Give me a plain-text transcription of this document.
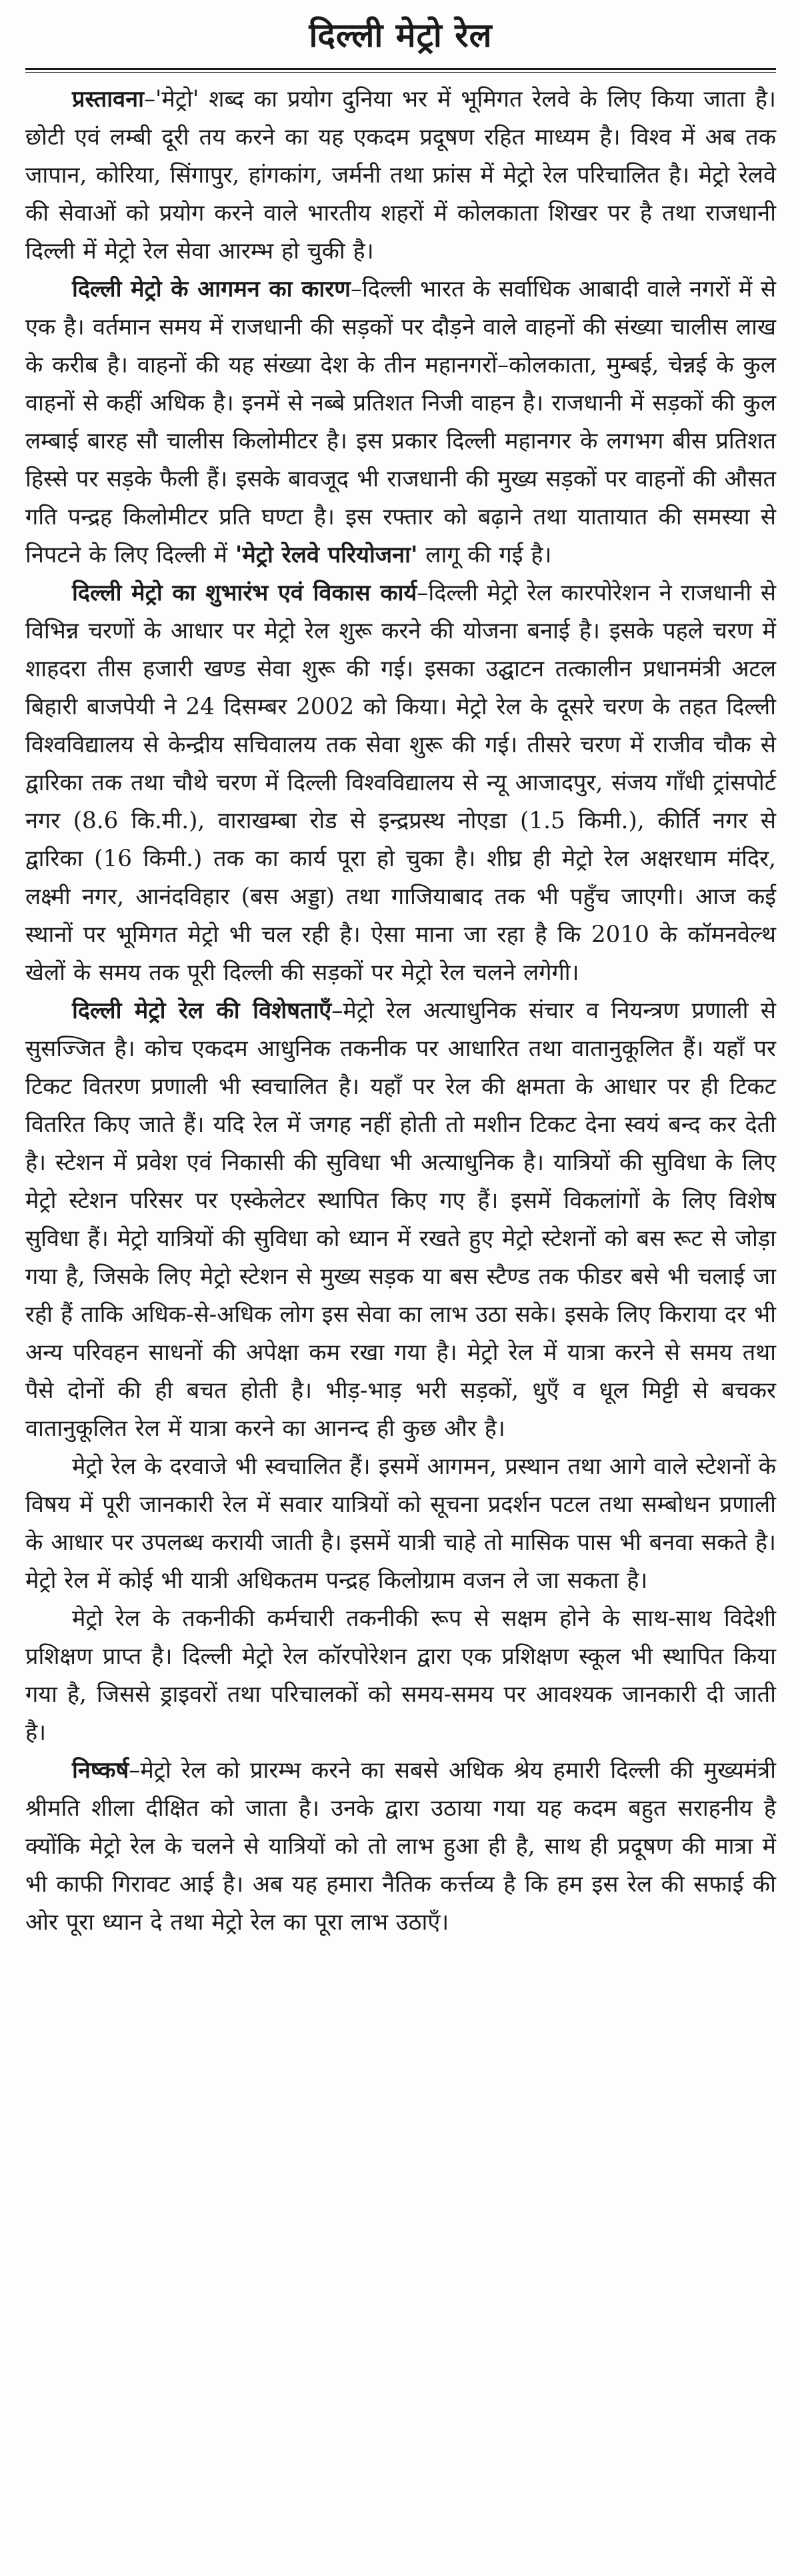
दिल्ली मेट्रो रेल

प्रस्तावना–'मेट्रो' शब्द का प्रयोग दुनिया भर में भूमिगत रेलवे के लिए किया जाता है। छोटी एवं लम्बी दूरी तय करने का यह एकदम प्रदूषण रहित माध्यम है। विश्व में अब तक जापान, कोरिया, सिंगापुर, हांगकांग, जर्मनी तथा फ्रांस में मेट्रो रेल परिचालित है। मेट्रो रेलवे की सेवाओं को प्रयोग करने वाले भारतीय शहरों में कोलकाता शिखर पर है तथा राजधानी दिल्ली में मेट्रो रेल सेवा आरम्भ हो चुकी है।

दिल्ली मेट्रो के आगमन का कारण–दिल्ली भारत के सर्वाधिक आबादी वाले नगरों में से एक है। वर्तमान समय में राजधानी की सड़कों पर दौड़ने वाले वाहनों की संख्या चालीस लाख के करीब है। वाहनों की यह संख्या देश के तीन महानगरों–कोलकाता, मुम्बई, चेन्नई के कुल वाहनों से कहीं अधिक है। इनमें से नब्बे प्रतिशत निजी वाहन है। राजधानी में सड़कों की कुल लम्बाई बारह सौ चालीस किलोमीटर है। इस प्रकार दिल्ली महानगर के लगभग बीस प्रतिशत हिस्से पर सड़के फैली हैं। इसके बावजूद भी राजधानी की मुख्य सड़कों पर वाहनों की औसत गति पन्द्रह किलोमीटर प्रति घण्टा है। इस रफ्तार को बढ़ाने तथा यातायात की समस्या से निपटने के लिए दिल्ली में 'मेट्रो रेलवे परियोजना' लागू की गई है।

दिल्ली मेट्रो का शुभारंभ एवं विकास कार्य–दिल्ली मेट्रो रेल कारपोरेशन ने राजधानी से विभिन्न चरणों के आधार पर मेट्रो रेल शुरू करने की योजना बनाई है। इसके पहले चरण में शाहदरा तीस हजारी खण्ड सेवा शुरू की गई। इसका उद्घाटन तत्कालीन प्रधानमंत्री अटल बिहारी बाजपेयी ने 24 दिसम्बर 2002 को किया। मेट्रो रेल के दूसरे चरण के तहत दिल्ली विश्वविद्यालय से केन्द्रीय सचिवालय तक सेवा शुरू की गई। तीसरे चरण में राजीव चौक से द्वारिका तक तथा चौथे चरण में दिल्ली विश्वविद्यालय से न्यू आजादपुर, संजय गाँधी ट्रांसपोर्ट नगर (8.6 कि.मी.), वाराखम्बा रोड से इन्द्रप्रस्थ नोएडा (1.5 किमी.), कीर्ति नगर से द्वारिका (16 किमी.) तक का कार्य पूरा हो चुका है। शीघ्र ही मेट्रो रेल अक्षरधाम मंदिर, लक्ष्मी नगर, आनंदविहार (बस अड्डा) तथा गाजियाबाद तक भी पहुँच जाएगी। आज कई स्थानों पर भूमिगत मेट्रो भी चल रही है। ऐसा माना जा रहा है कि 2010 के कॉमनवेल्थ खेलों के समय तक पूरी दिल्ली की सड़कों पर मेट्रो रेल चलने लगेगी।

दिल्ली मेट्रो रेल की विशेषताएँ–मेट्रो रेल अत्याधुनिक संचार व नियन्त्रण प्रणाली से सुसज्जित है। कोच एकदम आधुनिक तकनीक पर आधारित तथा वातानुकूलित हैं। यहाँ पर टिकट वितरण प्रणाली भी स्वचालित है। यहाँ पर रेल की क्षमता के आधार पर ही टिकट वितरित किए जाते हैं। यदि रेल में जगह नहीं होती तो मशीन टिकट देना स्वयं बन्द कर देती है। स्टेशन में प्रवेश एवं निकासी की सुविधा भी अत्याधुनिक है। यात्रियों की सुविधा के लिए मेट्रो स्टेशन परिसर पर एस्केलेटर स्थापित किए गए हैं। इसमें विकलांगों के लिए विशेष सुविधा हैं। मेट्रो यात्रियों की सुविधा को ध्यान में रखते हुए मेट्रो स्टेशनों को बस रूट से जोड़ा गया है, जिसके लिए मेट्रो स्टेशन से मुख्य सड़क या बस स्टैण्ड तक फीडर बसे भी चलाई जा रही हैं ताकि अधिक-से-अधिक लोग इस सेवा का लाभ उठा सके। इसके लिए किराया दर भी अन्य परिवहन साधनों की अपेक्षा कम रखा गया है। मेट्रो रेल में यात्रा करने से समय तथा पैसे दोनों की ही बचत होती है। भीड़-भाड़ भरी सड़कों, धुएँ व धूल मिट्टी से बचकर वातानुकूलित रेल में यात्रा करने का आनन्द ही कुछ और है।

मेट्रो रेल के दरवाजे भी स्वचालित हैं। इसमें आगमन, प्रस्थान तथा आगे वाले स्टेशनों के विषय में पूरी जानकारी रेल में सवार यात्रियों को सूचना प्रदर्शन पटल तथा सम्बोधन प्रणाली के आधार पर उपलब्ध करायी जाती है। इसमें यात्री चाहे तो मासिक पास भी बनवा सकते है। मेट्रो रेल में कोई भी यात्री अधिकतम पन्द्रह किलोग्राम वजन ले जा सकता है।

मेट्रो रेल के तकनीकी कर्मचारी तकनीकी रूप से सक्षम होने के साथ-साथ विदेशी प्रशिक्षण प्राप्त है। दिल्ली मेट्रो रेल कॉरपोरेशन द्वारा एक प्रशिक्षण स्कूल भी स्थापित किया गया है, जिससे ड्राइवरों तथा परिचालकों को समय-समय पर आवश्यक जानकारी दी जाती है।

निष्कर्ष–मेट्रो रेल को प्रारम्भ करने का सबसे अधिक श्रेय हमारी दिल्ली की मुख्यमंत्री श्रीमति शीला दीक्षित को जाता है। उनके द्वारा उठाया गया यह कदम बहुत सराहनीय है क्योंकि मेट्रो रेल के चलने से यात्रियों को तो लाभ हुआ ही है, साथ ही प्रदूषण की मात्रा में भी काफी गिरावट आई है। अब यह हमारा नैतिक कर्त्तव्य है कि हम इस रेल की सफाई की ओर पूरा ध्यान दे तथा मेट्रो रेल का पूरा लाभ उठाएँ।
